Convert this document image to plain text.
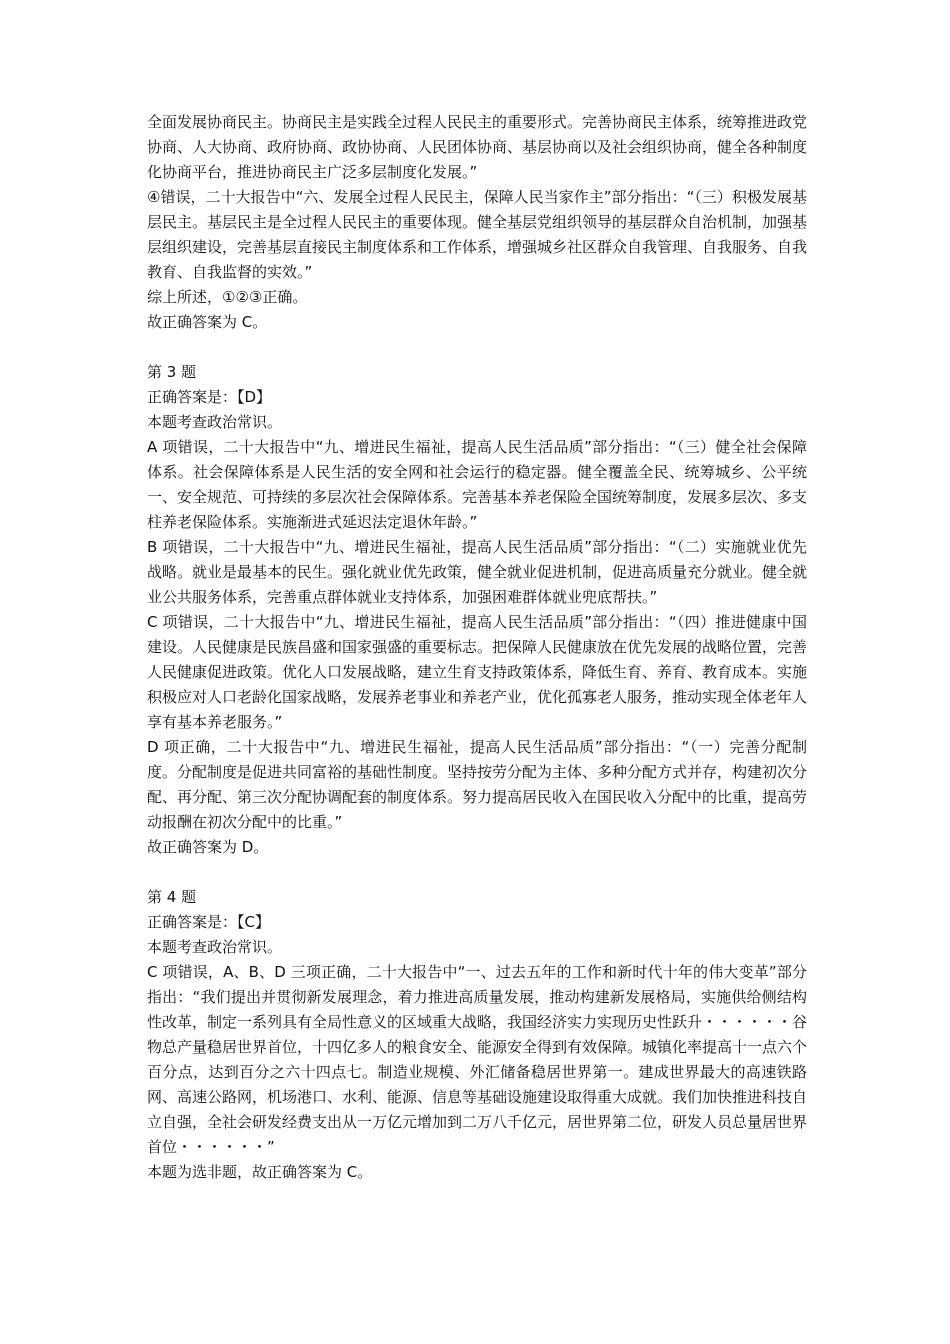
全面发展协商民主。协商民主是实践全过程人民民主的重要形式。完善协商民主体系，统筹推进政党协商、人大协商、政府协商、政协协商、人民团体协商、基层协商以及社会组织协商，健全各种制度化协商平台，推进协商民主广泛多层制度化发展。”

④错误，二十大报告中“六、发展全过程人民民主，保障人民当家作主”部分指出：“（三）积极发展基层民主。基层民主是全过程人民民主的重要体现。健全基层党组织领导的基层群众自治机制，加强基层组织建设，完善基层直接民主制度体系和工作体系，增强城乡社区群众自我管理、自我服务、自我教育、自我监督的实效。”

综上所述，①②③正确。

故正确答案为 C。

第 3 题

正确答案是：【D】

本题考查政治常识。

A 项错误，二十大报告中“九、增进民生福祉，提高人民生活品质”部分指出：“（三）健全社会保障体系。社会保障体系是人民生活的安全网和社会运行的稳定器。健全覆盖全民、统筹城乡、公平统一、安全规范、可持续的多层次社会保障体系。完善基本养老保险全国统筹制度，发展多层次、多支柱养老保险体系。实施渐进式延迟法定退休年龄。”

B 项错误，二十大报告中“九、增进民生福祉，提高人民生活品质”部分指出：“（二）实施就业优先战略。就业是最基本的民生。强化就业优先政策，健全就业促进机制，促进高质量充分就业。健全就业公共服务体系，完善重点群体就业支持体系，加强困难群体就业兜底帮扶。”

C 项错误，二十大报告中“九、增进民生福祉，提高人民生活品质”部分指出：“（四）推进健康中国建设。人民健康是民族昌盛和国家强盛的重要标志。把保障人民健康放在优先发展的战略位置，完善人民健康促进政策。优化人口发展战略，建立生育支持政策体系，降低生育、养育、教育成本。实施积极应对人口老龄化国家战略，发展养老事业和养老产业，优化孤寡老人服务，推动实现全体老年人享有基本养老服务。”

D 项正确，二十大报告中“九、增进民生福祉，提高人民生活品质”部分指出：“（一）完善分配制度。分配制度是促进共同富裕的基础性制度。坚持按劳分配为主体、多种分配方式并存，构建初次分配、再分配、第三次分配协调配套的制度体系。努力提高居民收入在国民收入分配中的比重，提高劳动报酬在初次分配中的比重。”

故正确答案为 D。

第 4 题

正确答案是：【C】

本题考查政治常识。

C 项错误，A、B、D 三项正确，二十大报告中“一、过去五年的工作和新时代十年的伟大变革”部分指出：“我们提出并贯彻新发展理念，着力推进高质量发展，推动构建新发展格局，实施供给侧结构性改革，制定一系列具有全局性意义的区域重大战略，我国经济实力实现历史性跃升・・・・・・谷物总产量稳居世界首位，十四亿多人的粮食安全、能源安全得到有效保障。城镇化率提高十一点六个百分点，达到百分之六十四点七。制造业规模、外汇储备稳居世界第一。建成世界最大的高速铁路网、高速公路网，机场港口、水利、能源、信息等基础设施建设取得重大成就。我们加快推进科技自立自强，全社会研发经费支出从一万亿元增加到二万八千亿元，居世界第二位，研发人员总量居世界首位・・・・・・”

本题为选非题，故正确答案为 C。
